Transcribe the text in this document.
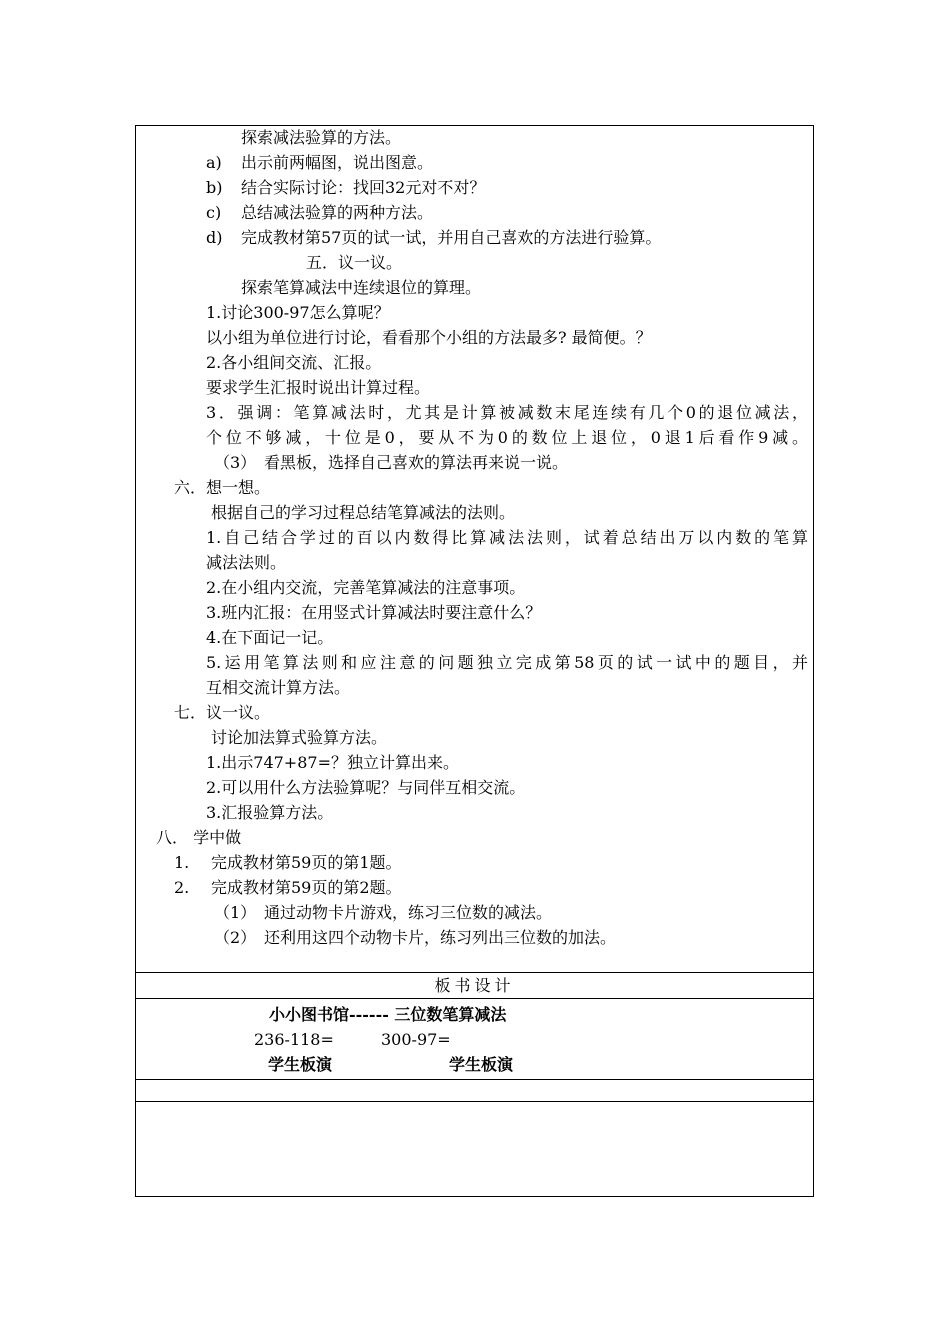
探索减法验算的方法。
a) 出示前两幅图，说出图意。
b) 结合实际讨论：找回32元对不对？
c) 总结减法验算的两种方法。
d) 完成教材第57页的试一试，并用自己喜欢的方法进行验算。
五．议一议。
探索笔算减法中连续退位的算理。
1.讨论300-97怎么算呢？
以小组为单位进行讨论，看看那个小组的方法最多? 最简便。？
2.各小组间交流、汇报。
要求学生汇报时说出计算过程。
3．强调：笔算减法时，尤其是计算被减数末尾连续有几个0的退位减法，
个位不够减，十位是0，要从不为0的数位上退位，0退1后看作9减。
（3） 看黑板，选择自己喜欢的算法再来说一说。
六．想一想。
根据自己的学习过程总结笔算减法的法则。
1.自己结合学过的百以内数得比算减法法则，试着总结出万以内数的笔算
减法法则。
2.在小组内交流，完善笔算减法的注意事项。
3.班内汇报：在用竖式计算减法时要注意什么？
4.在下面记一记。
5.运用笔算法则和应注意的问题独立完成第58页的试一试中的题目，并
互相交流计算方法。
七．议一议。
讨论加法算式验算方法。
1.出示747+87=？独立计算出来。
2.可以用什么方法验算呢？与同伴互相交流。
3.汇报验算方法。
八． 学中做
1. 完成教材第59页的第1题。
2. 完成教材第59页的第2题。
（1） 通过动物卡片游戏，练习三位数的减法。
（2） 还利用这四个动物卡片，练习列出三位数的加法。
板书设计
小小图书馆------ 三位数笔算减法
236-118=	300-97=
学生板演	学生板演
